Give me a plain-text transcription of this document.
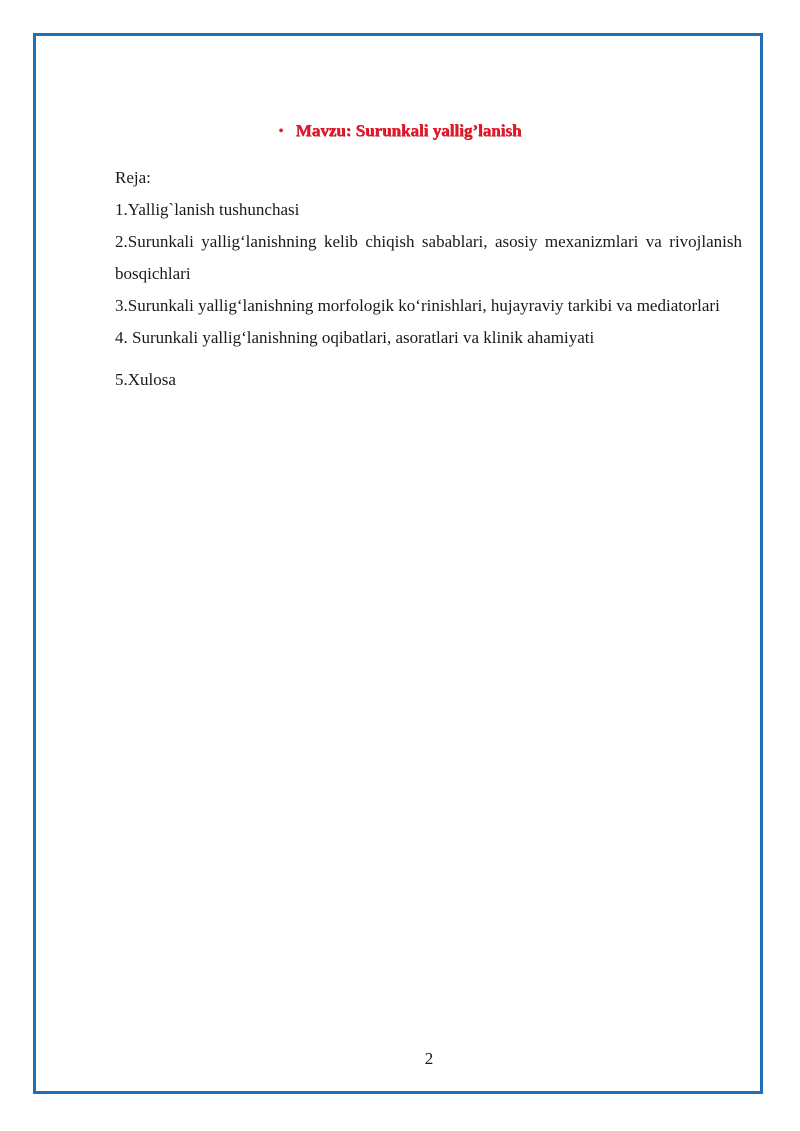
• Mavzu: Surunkali yallig’lanish

Reja:

1.Yallig`lanish tushunchasi

2.Surunkali yallig‘lanishning kelib chiqish sabablari, asosiy mexanizmlari va rivojlanish bosqichlari

3.Surunkali yallig‘lanishning morfologik ko‘rinishlari, hujayraviy tarkibi va mediatorlari

4. Surunkali yallig‘lanishning oqibatlari, asoratlari va klinik ahamiyati

5.Xulosa

2
